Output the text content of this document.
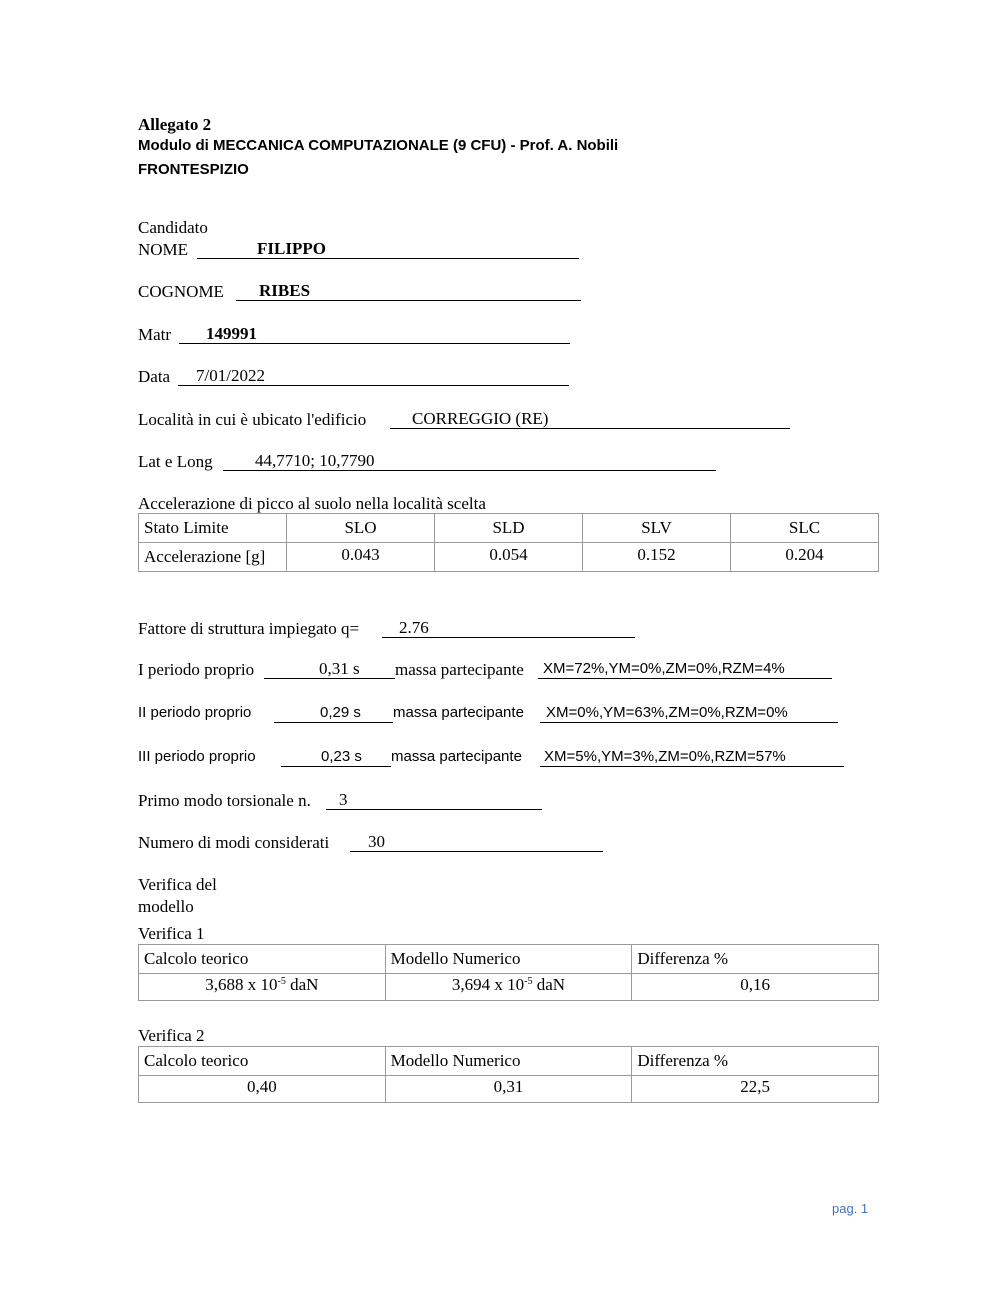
Allegato 2
Modulo di MECCANICA COMPUTAZIONALE (9 CFU) - Prof. A. Nobili
FRONTESPIZIO
Candidato
NOME	FILIPPO
COGNOME RIBES
Matr 149991
Data 7/01/2022
Località in cui è ubicato l'edificio	CORREGGIO (RE)
Lat e Long 44,7710; 10,7790
Accelerazione di picco al suolo nella località scelta
Stato Limite	SLO	SLD	SLV	SLC
Accelerazione [g]	0.043	0.054	0.152	0.204
Fattore di struttura impiegato q= 2.76
I periodo proprio	0,31 s massa partecipante XM=72%,YM=0%,ZM=0%,RZM=4%
II periodo proprio	0,29 s massa partecipante XM=0%,YM=63%,ZM=0%,RZM=0%
III periodo proprio	0,23 s massa partecipante XM=5%,YM=3%,ZM=0%,RZM=57%
Primo modo torsionale n. 3
Numero di modi considerati 30
Verifica del
modello
Verifica 1
Calcolo teorico	Modello Numerico	Differenza %
3,688 x $10^{-5}$ daN	3,694 x $10^{-5}$ daN	0,16
Verifica 2
Calcolo teorico	Modello Numerico	Differenza %
0,40	0,31	22,5
pag. 1
